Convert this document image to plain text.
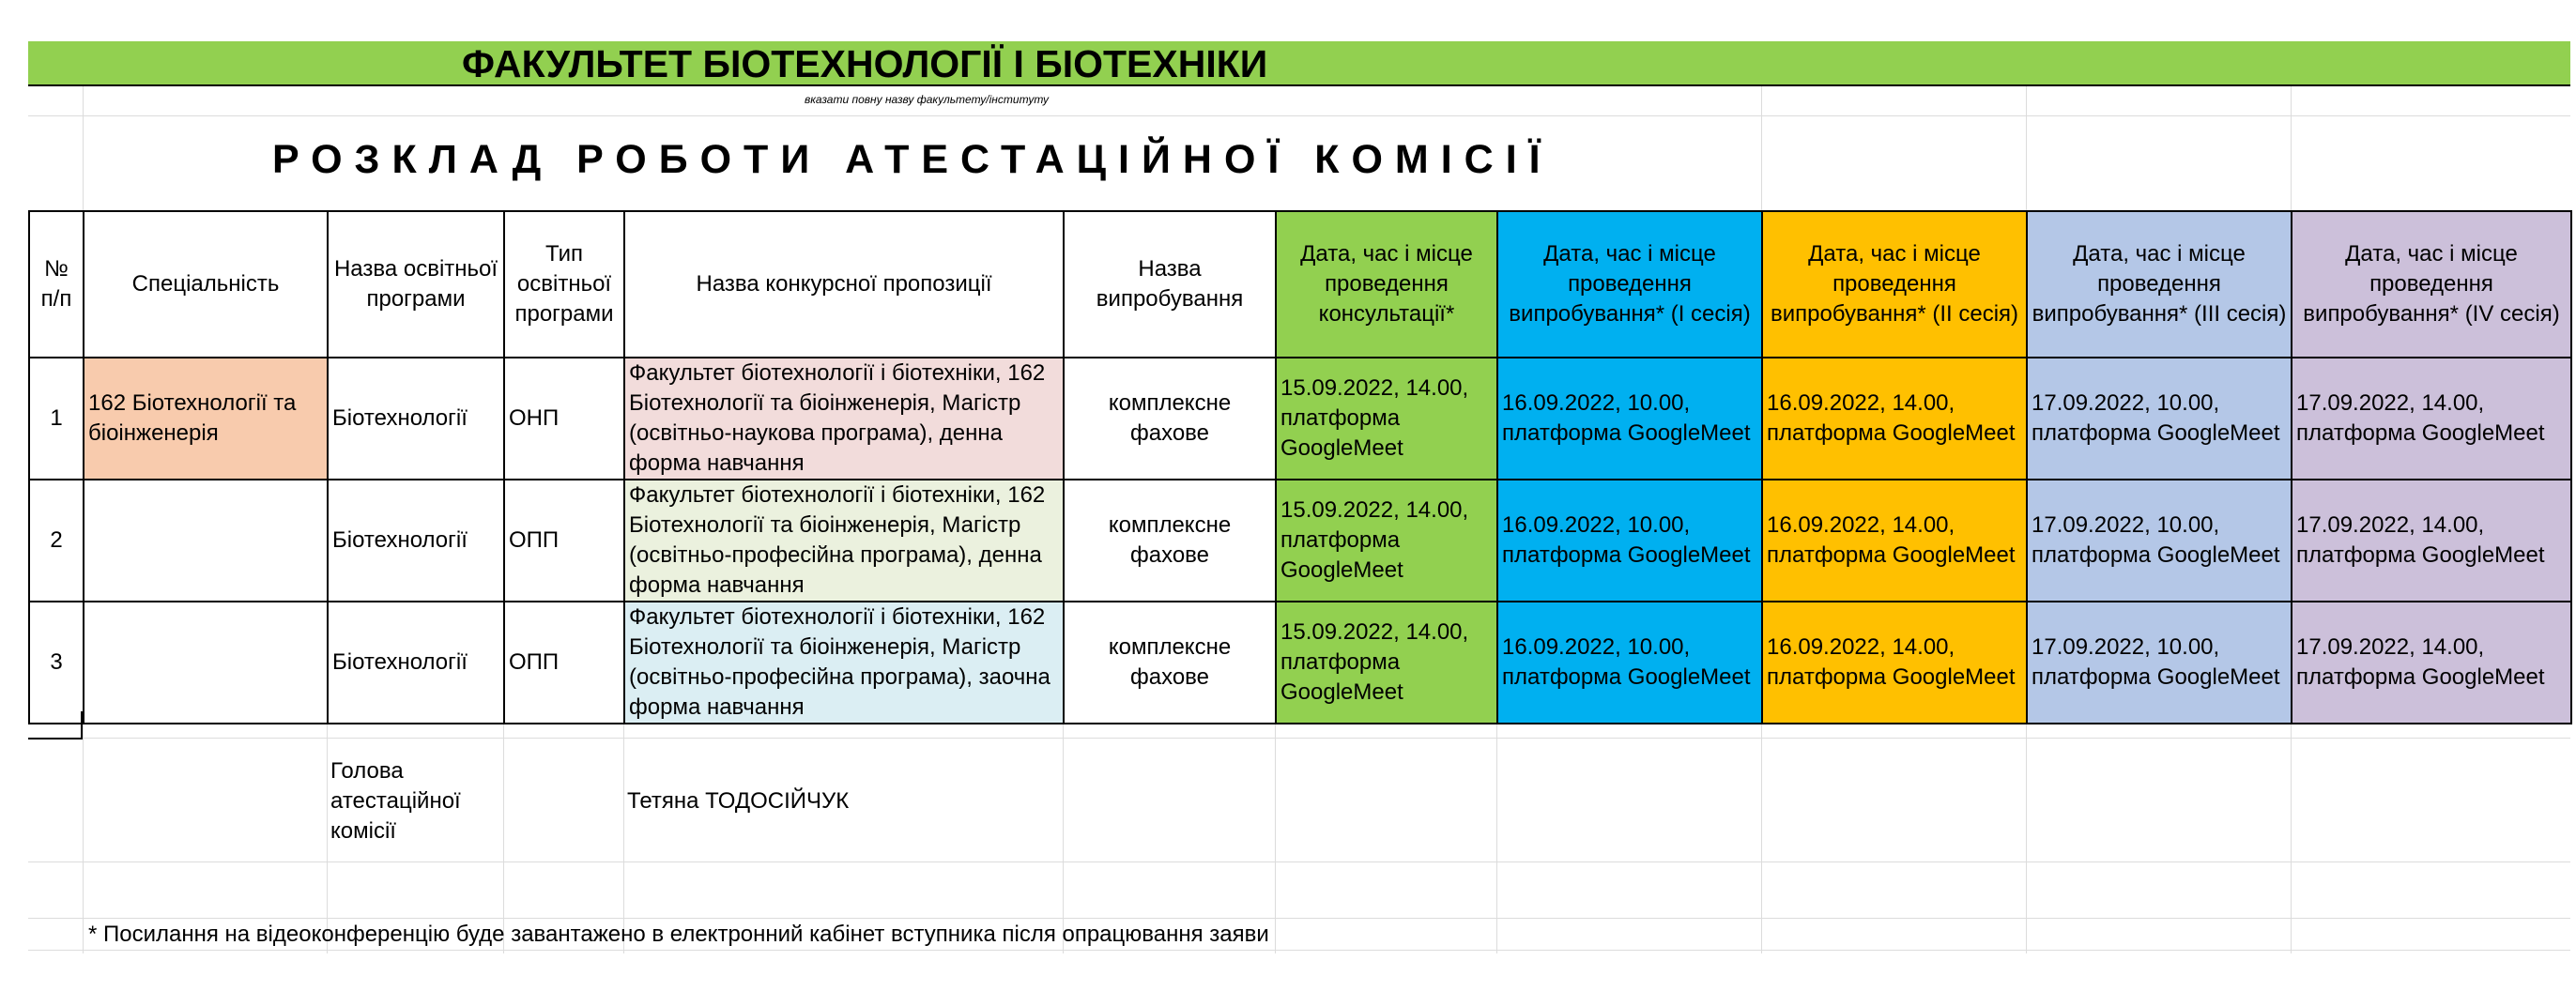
ФАКУЛЬТЕТ БІОТЕХНОЛОГІЇ І БІОТЕХНІКИ
вказати повну назву факультету/інституту
РОЗКЛАД РОБОТИ АТЕСТАЦІЙНОЇ КОМІСІЇ
№ п/п	Спеціальність	Назва освітньої програми	Тип освітньої програми	Назва конкурсної пропозиції	Назва випробування	Дата, час і місце проведення консультації*	Дата, час і місце проведення випробування* (І сесія)	Дата, час і місце проведення випробування* (ІІ сесія)	Дата, час і місце проведення випробування* (ІІІ сесія)	Дата, час і місце проведення випробування* (IV сесія)
1	162 Біотехнології та біоінженерія	Біотехнології	ОНП	Факультет біотехнології і біотехніки, 162 Біотехнології та біоінженерія, Магістр (освітньо-наукова програма), денна форма навчання	комплексне фахове	15.09.2022, 14.00, платформа GoogleMeet	16.09.2022, 10.00, платформа GoogleMeet	16.09.2022, 14.00, платформа GoogleMeet	17.09.2022, 10.00, платформа GoogleMeet	17.09.2022, 14.00, платформа GoogleMeet
2		Біотехнології	ОПП	Факультет біотехнології і біотехніки, 162 Біотехнології та біоінженерія, Магістр (освітньо-професійна програма), денна форма навчання	комплексне фахове	15.09.2022, 14.00, платформа GoogleMeet	16.09.2022, 10.00, платформа GoogleMeet	16.09.2022, 14.00, платформа GoogleMeet	17.09.2022, 10.00, платформа GoogleMeet	17.09.2022, 14.00, платформа GoogleMeet
3		Біотехнології	ОПП	Факультет біотехнології і біотехніки, 162 Біотехнології та біоінженерія, Магістр (освітньо-професійна програма), заочна форма навчання	комплексне фахове	15.09.2022, 14.00, платформа GoogleMeet	16.09.2022, 10.00, платформа GoogleMeet	16.09.2022, 14.00, платформа GoogleMeet	17.09.2022, 10.00, платформа GoogleMeet	17.09.2022, 14.00, платформа GoogleMeet
Голова атестаційної комісії
Тетяна ТОДОСІЙЧУК
* Посилання на відеоконференцію буде завантажено в електронний кабінет вступника після опрацювання заяви
